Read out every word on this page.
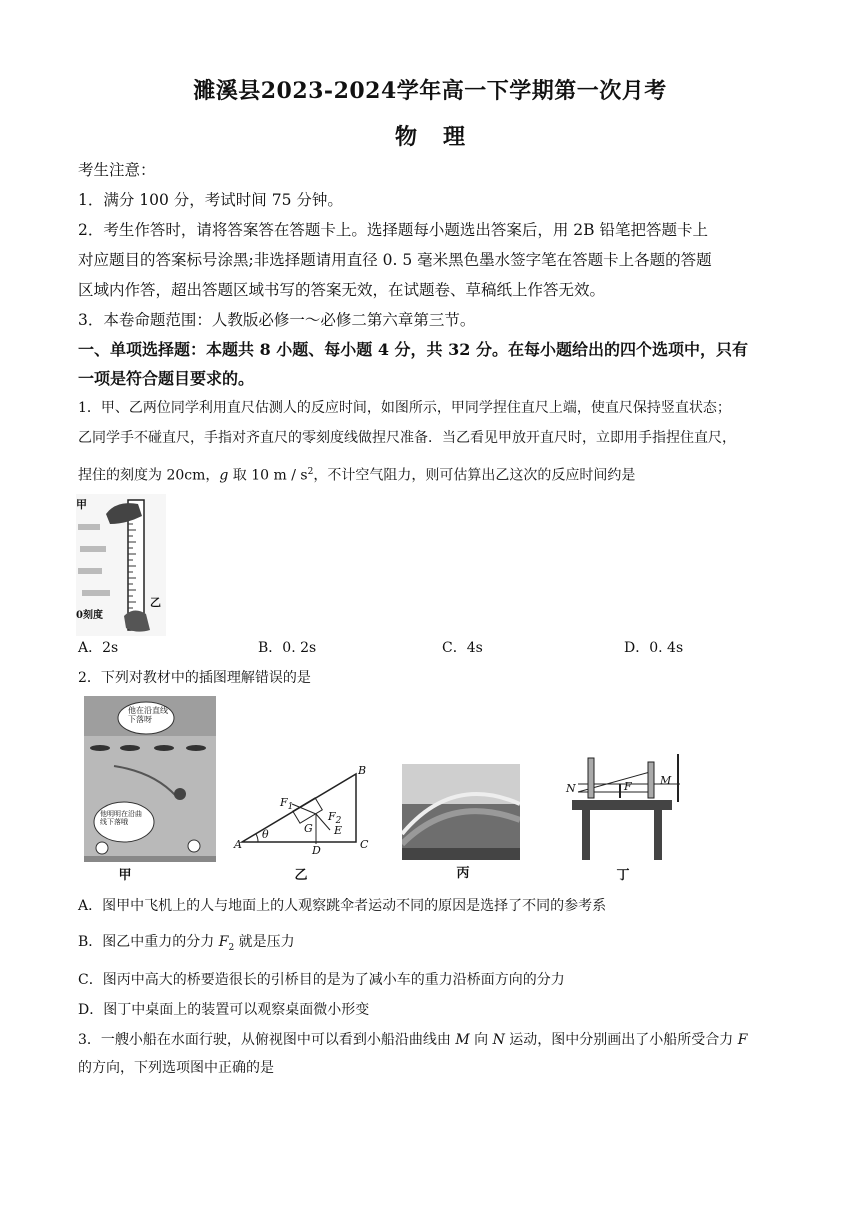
濉溪县2023-2024学年高一下学期第一次月考
物理
考生注意：
1．满分 100 分，考试时间 75 分钟。
2．考生作答时，请将答案答在答题卡上。选择题每小题选出答案后，用 2B 铅笔把答题卡上
对应题目的答案标号涂黑;非选择题请用直径 0. 5 毫米黑色墨水签字笔在答题卡上各题的答题
区域内作答，超出答题区域书写的答案无效，在试题卷、草稿纸上作答无效。
3．本卷命题范围：人教版必修一～必修二第六章第三节。
一、单项选择题：本题共 8 小题、每小题 4 分，共 32 分。在每小题给出的四个选项中，只有
一项是符合题目要求的。
1．甲、乙两位同学利用直尺估测人的反应时间，如图所示，甲同学捏住直尺上端，使直尺保持竖直状态；
乙同学手不碰直尺，手指对齐直尺的零刻度线做捏尺准备．当乙看见甲放开直尺时，立即用手指捏住直尺，
捏住的刻度为 20cm，g 取 10 m / $s^2$，不计空气阻力，则可估算出乙这次的反应时间约是
甲
乙
0刻度
A．2s	B．0. 2s	C．4s	D．0. 4s
2．下列对教材中的插图理解错误的是
他在沿直线下落呀
他明明在沿曲线下落哦
A
B
C
D
E
G
$F_1$
$F_2$
θ
N
M
F
甲	乙	丙	丁
A．图甲中飞机上的人与地面上的人观察跳伞者运动不同的原因是选择了不同的参考系
B．图乙中重力的分力 $F_2$ 就是压力
C．图丙中高大的桥要造很长的引桥目的是为了减小车的重力沿桥面方向的分力
D．图丁中桌面上的装置可以观察桌面微小形变
3．一艘小船在水面行驶，从俯视图中可以看到小船沿曲线由 M 向 N 运动，图中分别画出了小船所受合力 F
的方向，下列选项图中正确的是
